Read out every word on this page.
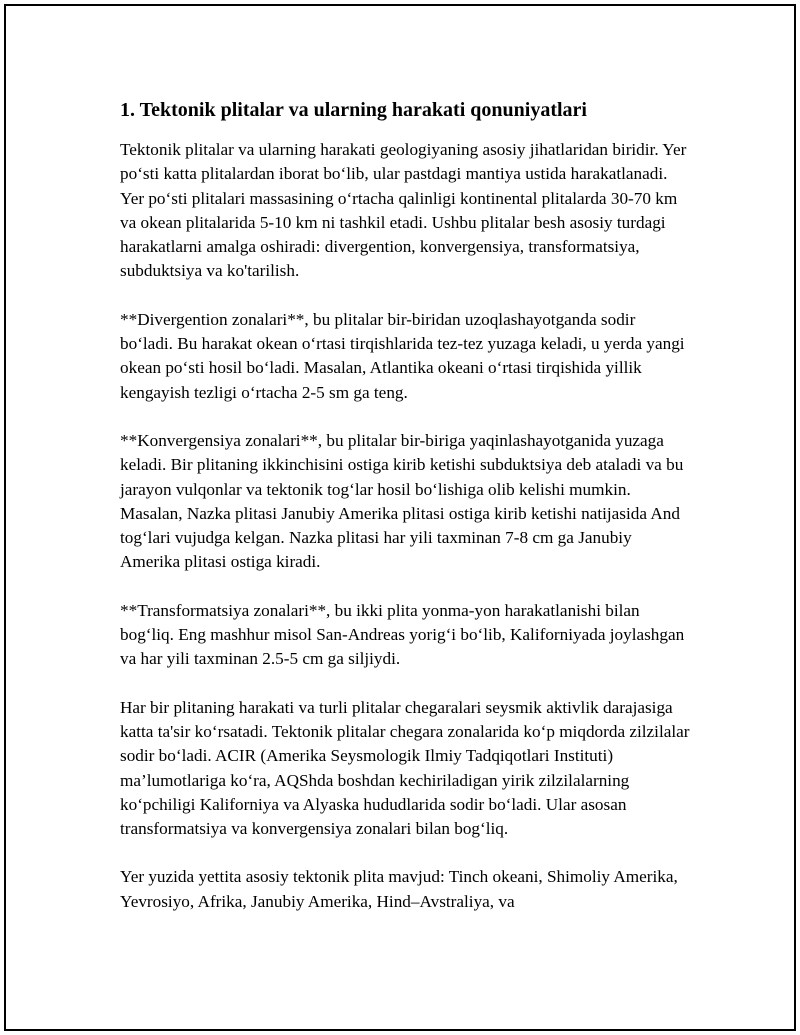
1. Tektonik plitalar va ularning harakati qonuniyatlari

Tektonik plitalar va ularning harakati geologiyaning asosiy jihatlaridan biridir. Yer po‘sti katta plitalardan iborat bo‘lib, ular pastdagi mantiya ustida harakatlanadi. Yer po‘sti plitalari massasining o‘rtacha qalinligi kontinental plitalarda 30-70 km va okean plitalarida 5-10 km ni tashkil etadi. Ushbu plitalar besh asosiy turdagi harakatlarni amalga oshiradi: divergention, konvergensiya, transformatsiya, subduktsiya va ko'tarilish.

**Divergention zonalari**, bu plitalar bir-biridan uzoqlashayotganda sodir bo‘ladi. Bu harakat okean o‘rtasi tirqishlarida tez-tez yuzaga keladi, u yerda yangi okean po‘sti hosil bo‘ladi. Masalan, Atlantika okeani o‘rtasi tirqishida yillik kengayish tezligi o‘rtacha 2-5 sm ga teng.

**Konvergensiya zonalari**, bu plitalar bir-biriga yaqinlashayotganida yuzaga keladi. Bir plitaning ikkinchisini ostiga kirib ketishi subduktsiya deb ataladi va bu jarayon vulqonlar va tektonik tog‘lar hosil bo‘lishiga olib kelishi mumkin. Masalan, Nazka plitasi Janubiy Amerika plitasi ostiga kirib ketishi natijasida And tog‘lari vujudga kelgan. Nazka plitasi har yili taxminan 7-8 cm ga Janubiy Amerika plitasi ostiga kiradi.

**Transformatsiya zonalari**, bu ikki plita yonma-yon harakatlanishi bilan bog‘liq. Eng mashhur misol San-Andreas yorig‘i bo‘lib, Kaliforniyada joylashgan va har yili taxminan 2.5-5 cm ga siljiydi.

Har bir plitaning harakati va turli plitalar chegaralari seysmik aktivlik darajasiga katta ta'sir ko‘rsatadi. Tektonik plitalar chegara zonalarida ko‘p miqdorda zilzilalar sodir bo‘ladi. ACIR (Amerika Seysmologik Ilmiy Tadqiqotlari Instituti) ma’lumotlariga ko‘ra, AQShda boshdan kechiriladigan yirik zilzilalarning ko‘pchiligi Kaliforniya va Alyaska hududlarida sodir bo‘ladi. Ular asosan transformatsiya va konvergensiya zonalari bilan bog‘liq.

Yer yuzida yettita asosiy tektonik plita mavjud: Tinch okeani, Shimoliy Amerika, Yevrosiyo, Afrika, Janubiy Amerika, Hind–Avstraliya, va
